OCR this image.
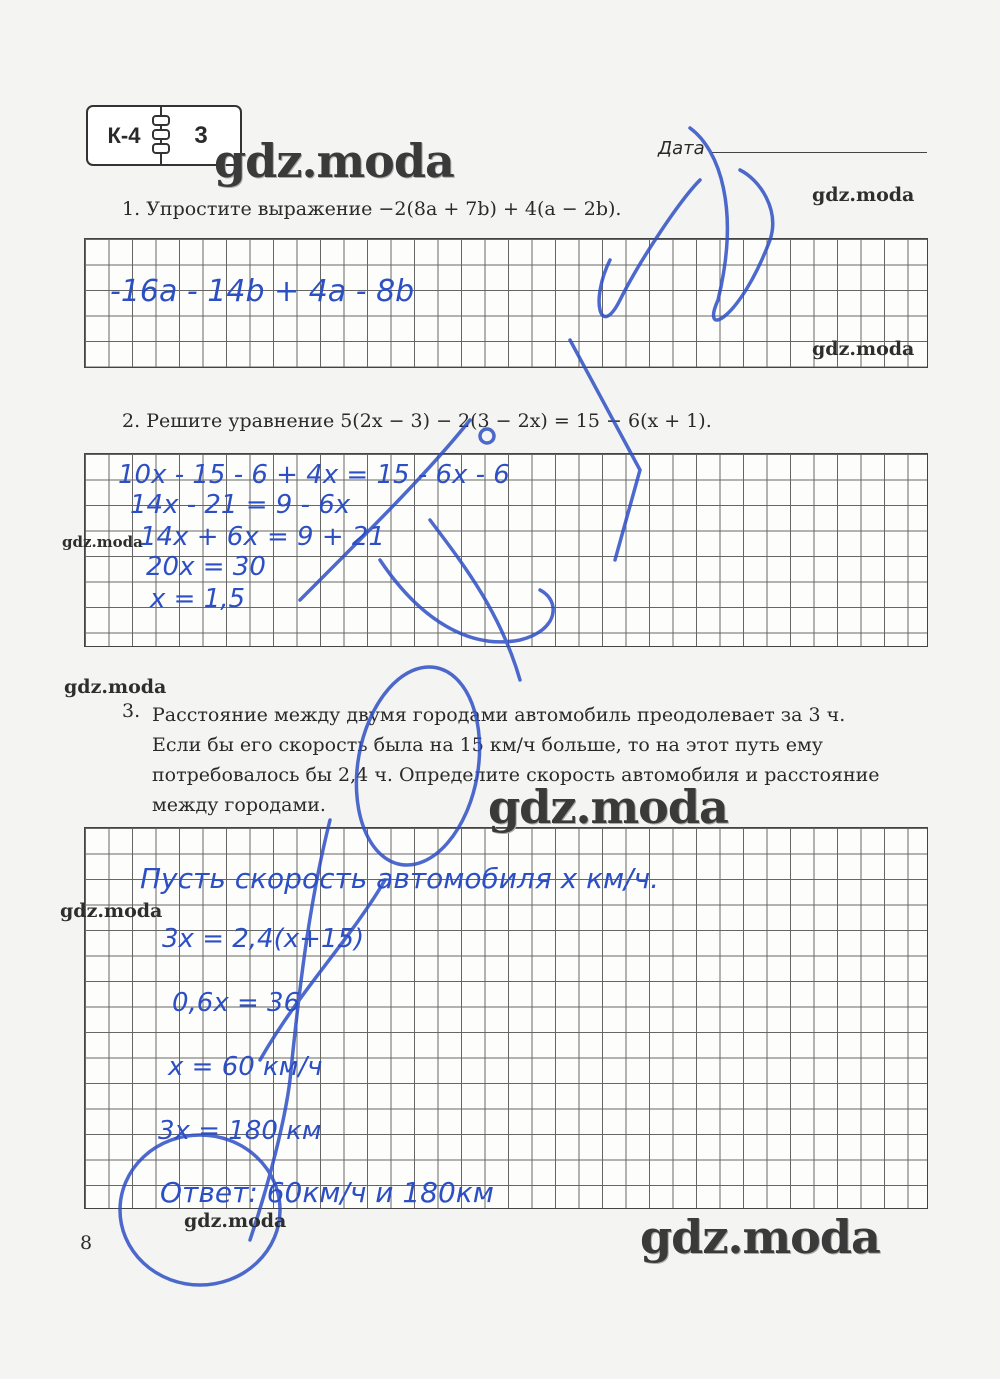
К-4	3	Дата
1. Упростите выражение −2(8a + 7b) + 4(a − 2b).
2. Решите уравнение 5(2x − 3) − 2(3 − 2x) = 15 − 6(x + 1).
3. Расстояние между двумя городами автомобиль преодолевает за 3 ч.
Если бы его скорость была на 15 км/ч больше, то на этот путь ему
потребовалось бы 2,4 ч. Определите скорость автомобиля и расстояние
между городами.
-16a - 14b + 4a - 8b
10x - 15 - 6 + 4x = 15 - 6x - 6
14x - 21 = 9 - 6x
14x + 6x = 9 + 21
20x = 30
x = 1,5
Пусть скорость автомобиля x км/ч.
3x = 2,4(x+15)
0,6x = 36
x = 60 км/ч
3x = 180 км
Ответ: 60км/ч и 180км
gdz.moda
gdz.moda
gdz.moda
gdz.moda
gdz.moda
gdz.moda
gdz.moda
gdz.moda	gdz.moda
8
